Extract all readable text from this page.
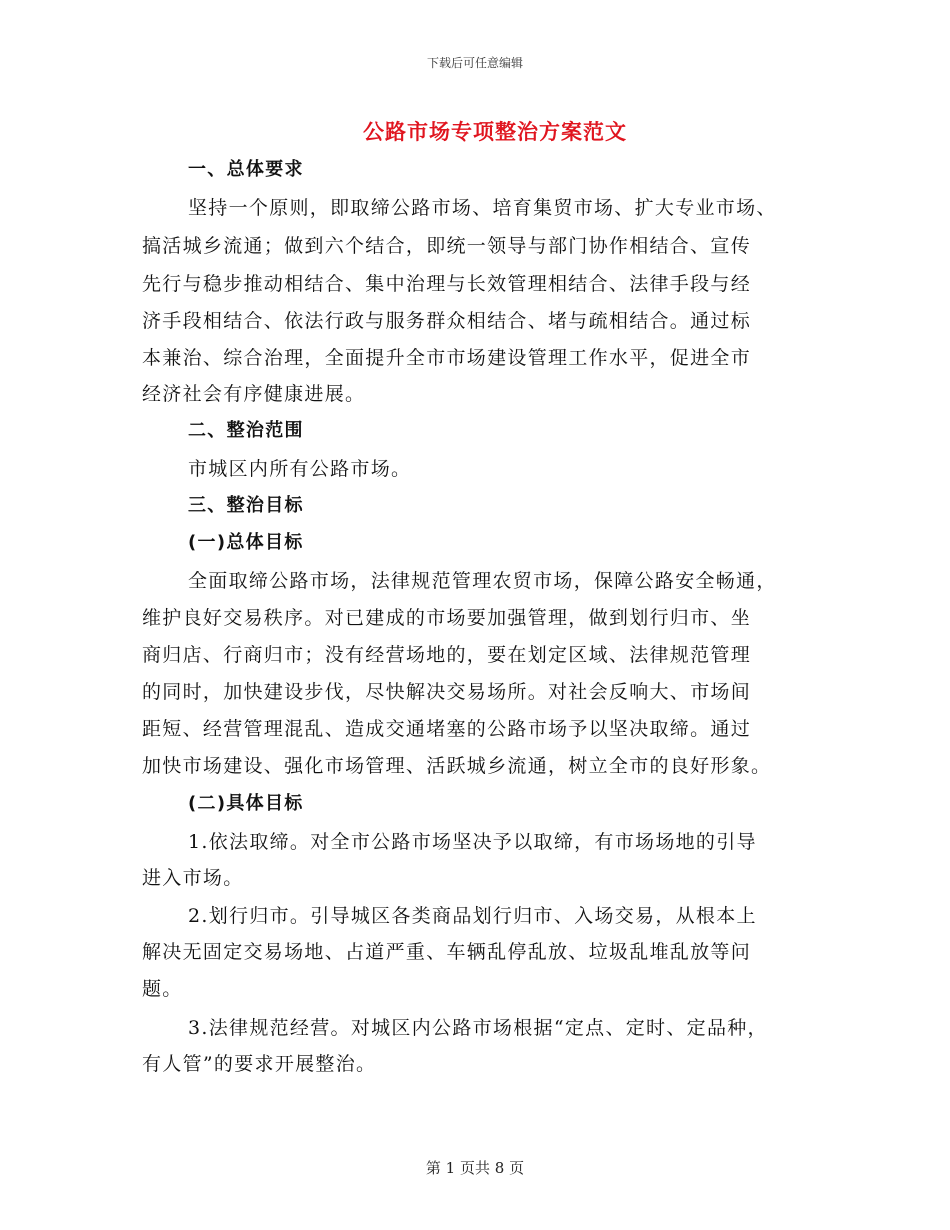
下载后可任意编辑
公路市场专项整治方案范文
一、总体要求
坚持一个原则，即取缔公路市场、培育集贸市场、扩大专业市场、
搞活城乡流通；做到六个结合，即统一领导与部门协作相结合、宣传
先行与稳步推动相结合、集中治理与长效管理相结合、法律手段与经
济手段相结合、依法行政与服务群众相结合、堵与疏相结合。通过标
本兼治、综合治理，全面提升全市市场建设管理工作水平，促进全市
经济社会有序健康进展。
二、整治范围
市城区内所有公路市场。
三、整治目标
(一)总体目标
全面取缔公路市场，法律规范管理农贸市场，保障公路安全畅通，
维护良好交易秩序。对已建成的市场要加强管理，做到划行归市、坐
商归店、行商归市；没有经营场地的，要在划定区域、法律规范管理
的同时，加快建设步伐，尽快解决交易场所。对社会反响大、市场间
距短、经营管理混乱、造成交通堵塞的公路市场予以坚决取缔。通过
加快市场建设、强化市场管理、活跃城乡流通，树立全市的良好形象。
(二)具体目标
1.依法取缔。对全市公路市场坚决予以取缔，有市场场地的引导
进入市场。
2.划行归市。引导城区各类商品划行归市、入场交易，从根本上
解决无固定交易场地、占道严重、车辆乱停乱放、垃圾乱堆乱放等问
题。
3.法律规范经营。对城区内公路市场根据“定点、定时、定品种，
有人管”的要求开展整治。
第 1 页共 8 页
